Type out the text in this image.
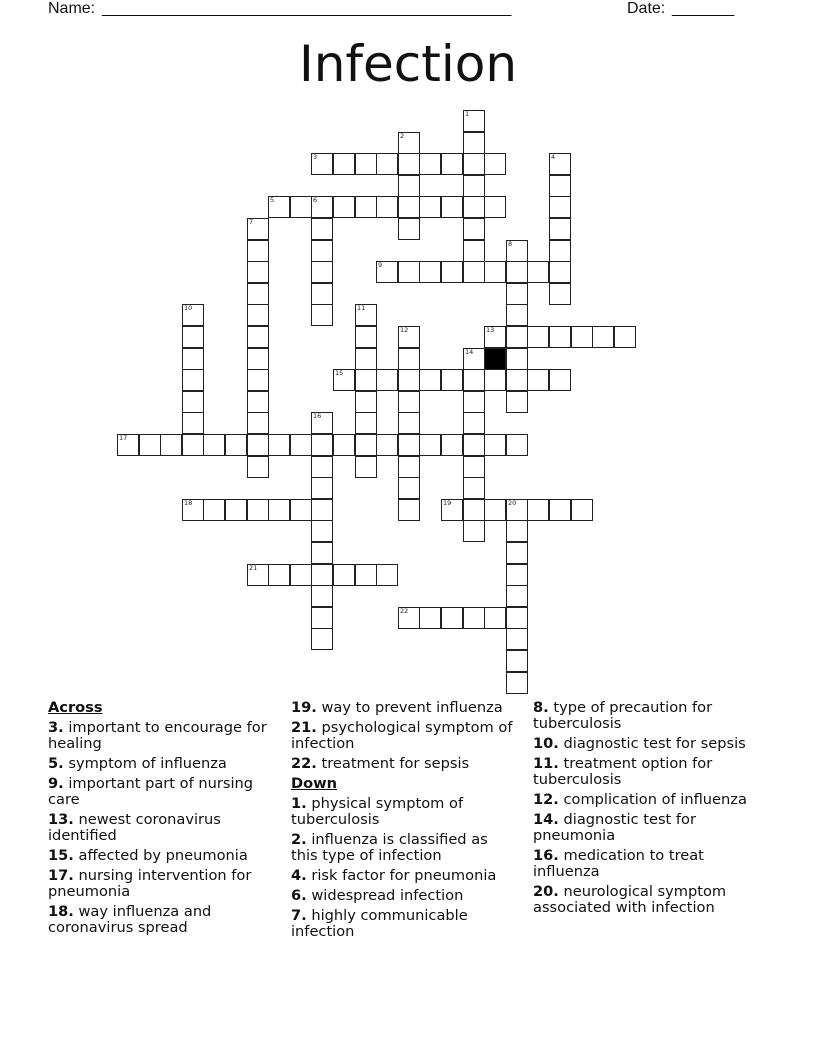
Name: ______________________________________________	Date: _______
Infection
3
5	6
9
13
15
17
18	19	20
21
22
1
2
4
7
8
10	11
12
14
16
Across
3. important to encourage for healing
5. symptom of influenza
9. important part of nursing care
13. newest coronavirus identified
15. affected by pneumonia
17. nursing intervention for pneumonia
18. way influenza and coronavirus spread
19. way to prevent influenza
21. psychological symptom of infection
22. treatment for sepsis
Down
1. physical symptom of tuberculosis
2. influenza is classified as this type of infection
4. risk factor for pneumonia
6. widespread infection
7. highly communicable infection
8. type of precaution for tuberculosis
10. diagnostic test for sepsis
11. treatment option for tuberculosis
12. complication of influenza
14. diagnostic test for pneumonia
16. medication to treat influenza
20. neurological symptom associated with infection
